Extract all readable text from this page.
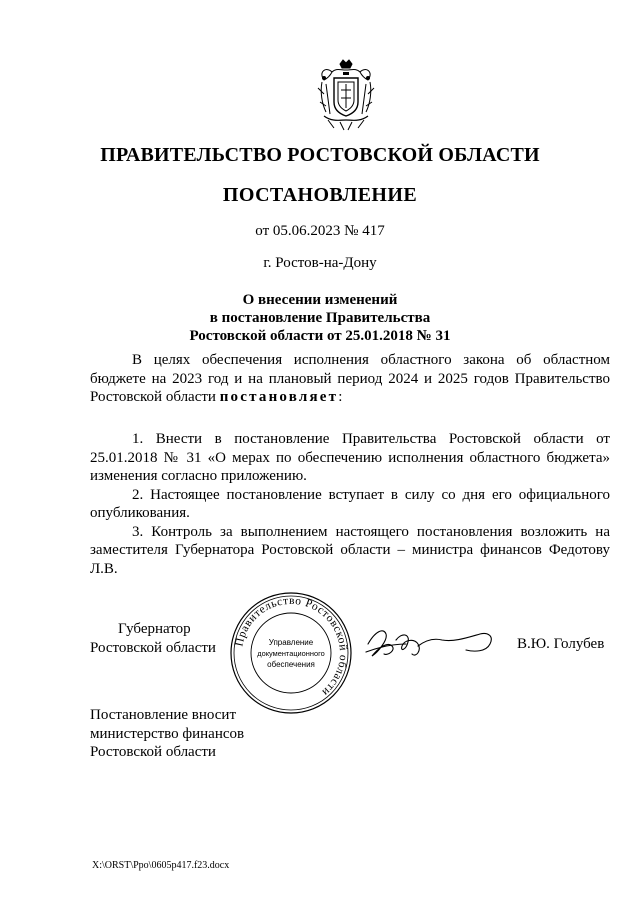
ПРАВИТЕЛЬСТВО РОСТОВСКОЙ ОБЛАСТИ
ПОСТАНОВЛЕНИЕ
от 05.06.2023 № 417
г. Ростов-на-Дону
О внесении изменений
в постановление Правительства
Ростовской области от 25.01.2018 № 31

В целях обеспечения исполнения областного закона об областном бюджете на 2023 год и на плановый период 2024 и 2025 годов Правительство Ростовской области постановляет:

1. Внести в постановление Правительства Ростовской области от 25.01.2018 № 31 «О мерах по обеспечению исполнения областного бюджета» изменения согласно приложению.

2. Настоящее постановление вступает в силу со дня его официального опубликования.

3. Контроль за выполнением настоящего постановления возложить на заместителя Губернатора Ростовской области – министра финансов Федотову Л.В.

Губернатор
Ростовской области Правительство Ростовской области
Управление
документационного
обеспечения
В.Ю. Голубев
Постановление вносит
министерство финансов
Ростовской области
X:\ORST\Ppo\0605p417.f23.docx
